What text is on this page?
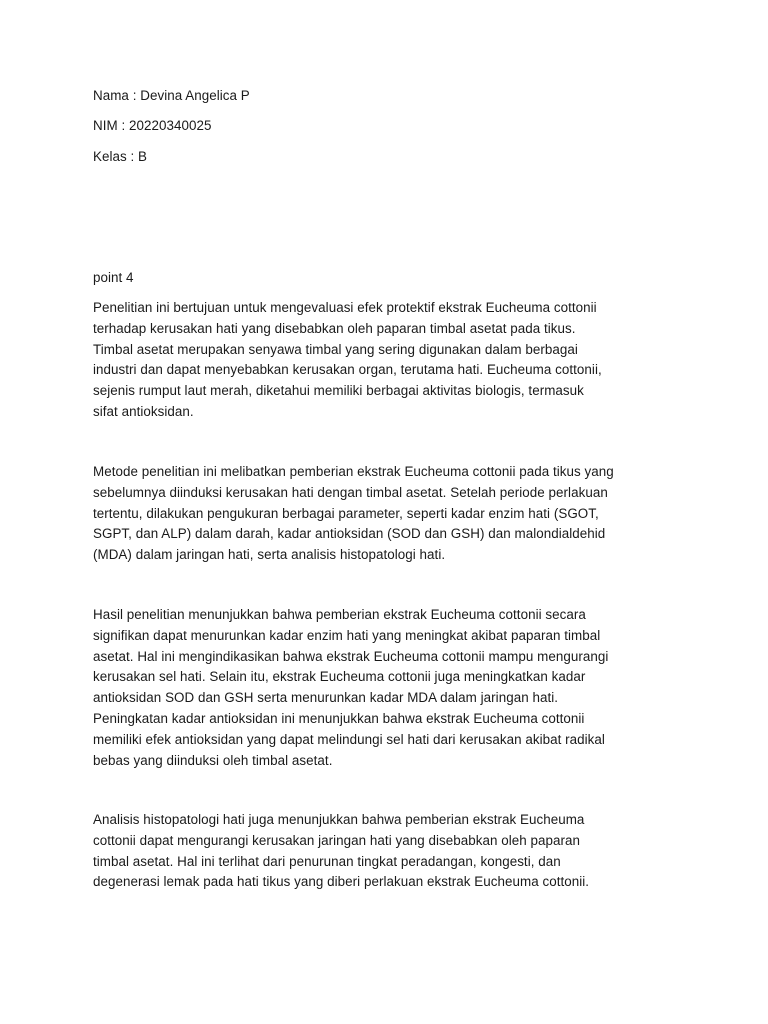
Nama : Devina Angelica P
NIM : 20220340025
Kelas : B
point 4

Penelitian ini bertujuan untuk mengevaluasi efek protektif ekstrak Eucheuma cottonii
terhadap kerusakan hati yang disebabkan oleh paparan timbal asetat pada tikus.
Timbal asetat merupakan senyawa timbal yang sering digunakan dalam berbagai
industri dan dapat menyebabkan kerusakan organ, terutama hati. Eucheuma cottonii,
sejenis rumput laut merah, diketahui memiliki berbagai aktivitas biologis, termasuk
sifat antioksidan.

Metode penelitian ini melibatkan pemberian ekstrak Eucheuma cottonii pada tikus yang
sebelumnya diinduksi kerusakan hati dengan timbal asetat. Setelah periode perlakuan
tertentu, dilakukan pengukuran berbagai parameter, seperti kadar enzim hati (SGOT,
SGPT, dan ALP) dalam darah, kadar antioksidan (SOD dan GSH) dan malondialdehid
(MDA) dalam jaringan hati, serta analisis histopatologi hati.

Hasil penelitian menunjukkan bahwa pemberian ekstrak Eucheuma cottonii secara
signifikan dapat menurunkan kadar enzim hati yang meningkat akibat paparan timbal
asetat. Hal ini mengindikasikan bahwa ekstrak Eucheuma cottonii mampu mengurangi
kerusakan sel hati. Selain itu, ekstrak Eucheuma cottonii juga meningkatkan kadar
antioksidan SOD dan GSH serta menurunkan kadar MDA dalam jaringan hati.
Peningkatan kadar antioksidan ini menunjukkan bahwa ekstrak Eucheuma cottonii
memiliki efek antioksidan yang dapat melindungi sel hati dari kerusakan akibat radikal
bebas yang diinduksi oleh timbal asetat.

Analisis histopatologi hati juga menunjukkan bahwa pemberian ekstrak Eucheuma
cottonii dapat mengurangi kerusakan jaringan hati yang disebabkan oleh paparan
timbal asetat. Hal ini terlihat dari penurunan tingkat peradangan, kongesti, dan
degenerasi lemak pada hati tikus yang diberi perlakuan ekstrak Eucheuma cottonii.
